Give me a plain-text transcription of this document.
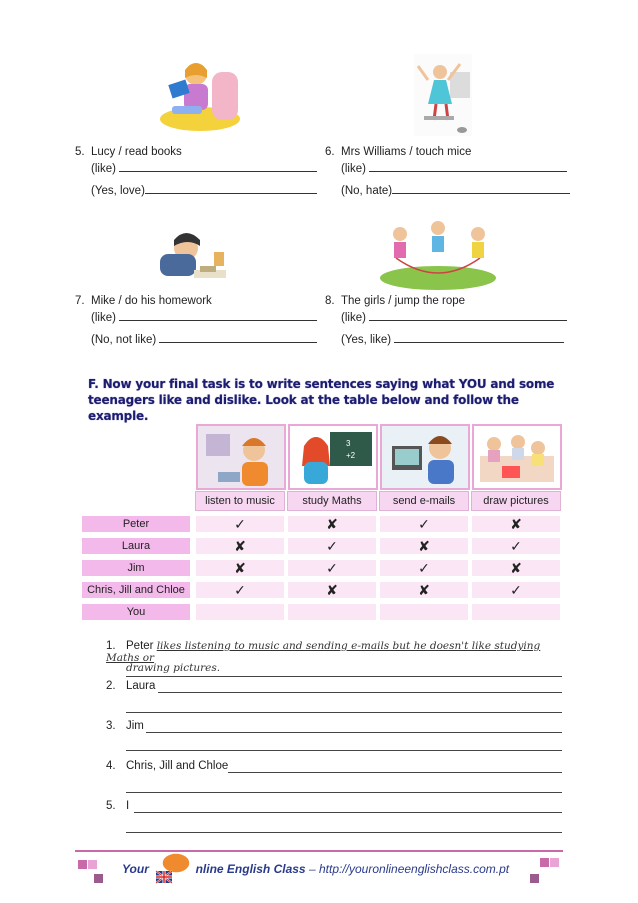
5. Lucy / read books
(like)
(Yes, love)
6. Mrs Williams / touch mice
(like)
(No, hate)
7. Mike / do his homework
(like)
(No, not like)
8. The girls / jump the rope
(like)
(Yes, like)
F. Now your final task is to write sentences saying what YOU and some teenagers like and dislike. Look at the table below and follow the example.
3
+2
listen to music	study Maths	send e-mails	draw pictures
Peter	✓	✘	✓	✘
Laura	✘	✓	✘	✓
Jim	✘	✓	✓	✘
Chris, Jill and Chloe	✓	✘	✘	✓
You
1. Peter likes listening to music and sending e-mails but he doesn't like studying Maths or
drawing pictures.
2. Laura
3. Jim
4. Chris, Jill and Chloe
5. I
Your	nline English Class – http://youronlineenglishclass.com.pt
